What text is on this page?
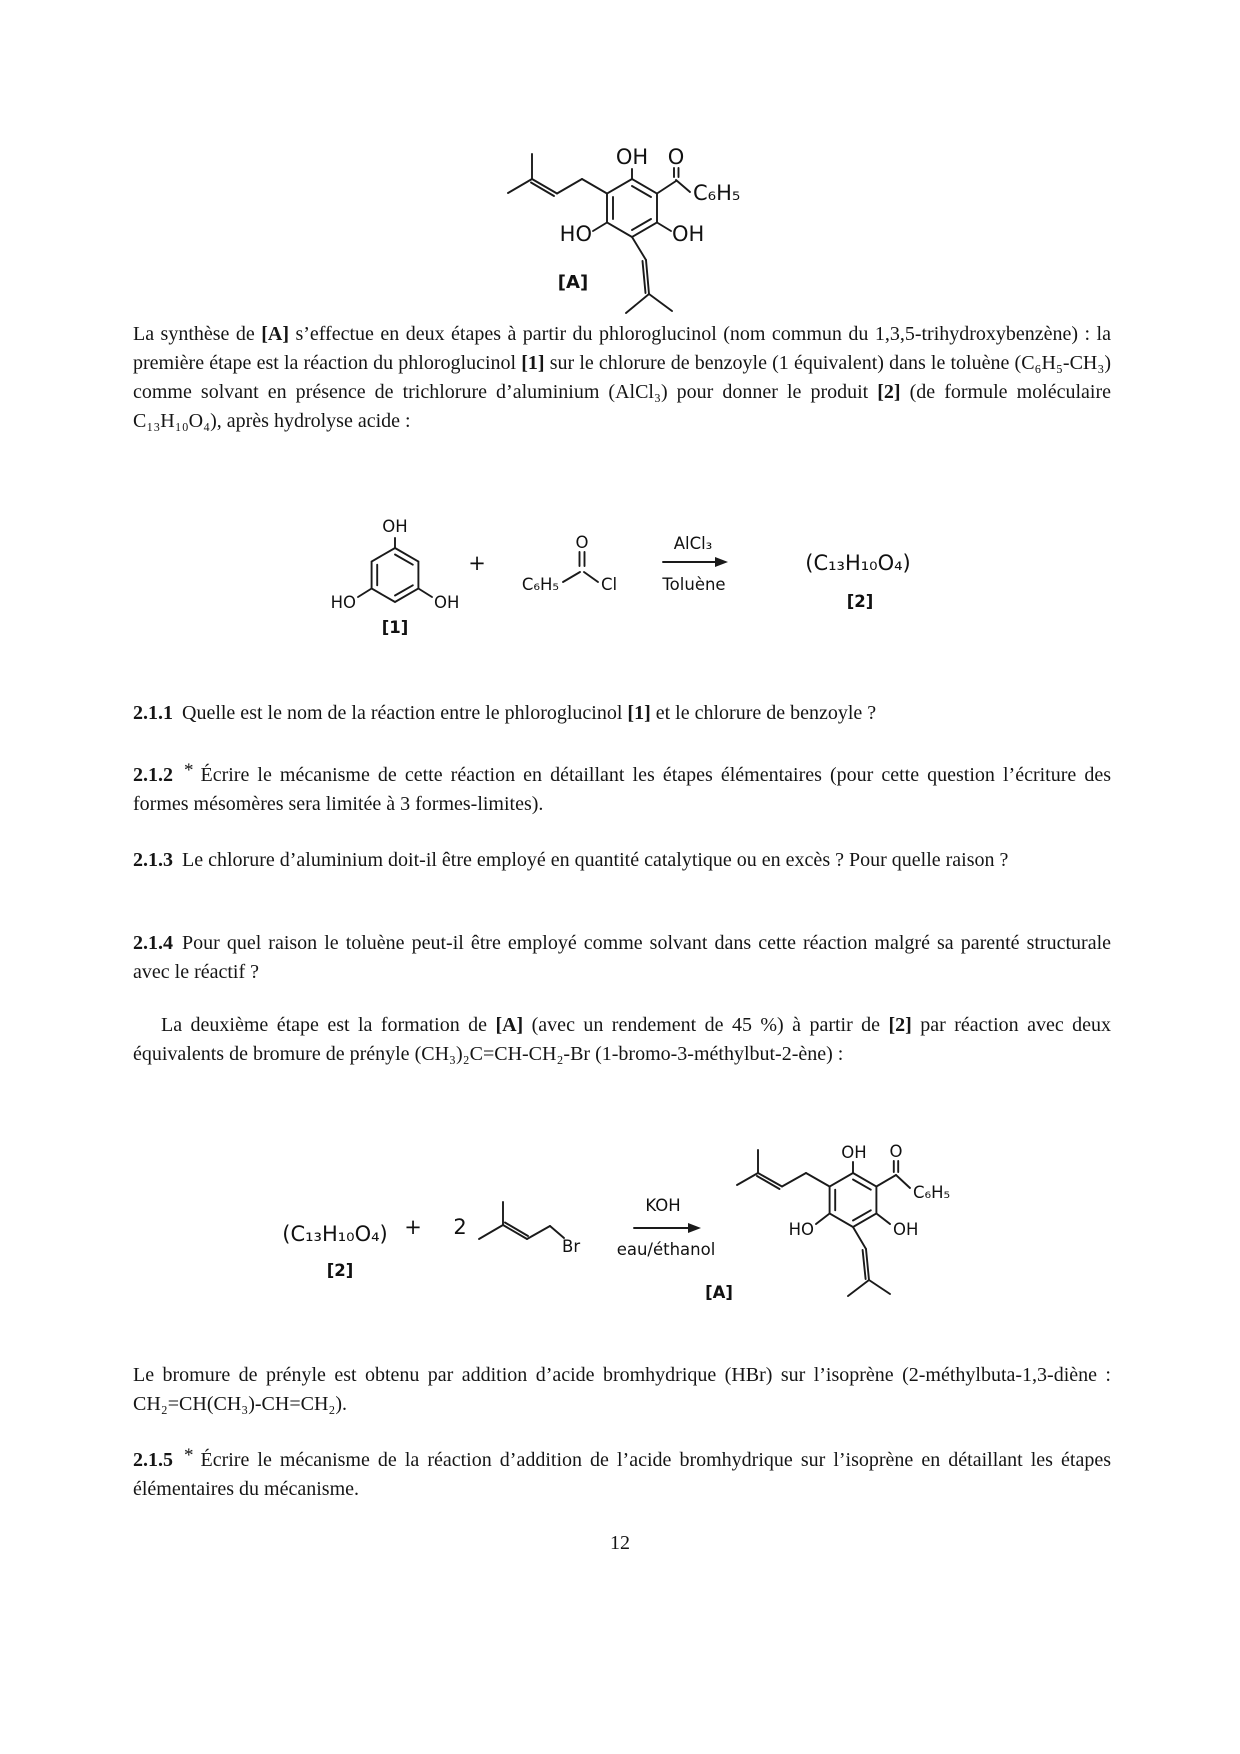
OH O
C₆H₅
HO	OH
[A]

La synthèse de [A] s’effectue en deux étapes à partir du phloroglucinol (nom commun du 1,3,5-trihydroxybenzène) : la première étape est la réaction du phloroglucinol [1] sur le chlorure de benzoyle (1 équivalent) dans le toluène (C₆H₅-CH₃) comme solvant en présence de trichlorure d’aluminium (AlCl₃) pour donner le produit [2] (de formule moléculaire C₁₃H₁₀O₄), après hydrolyse acide :

OH
HO	OH
[1]
+
C₆H₅
O
Cl
AlCl₃
Toluène
(C₁₃H₁₀O₄)
[2]

2.1.1 Quelle est le nom de la réaction entre le phloroglucinol [1] et le chlorure de benzoyle ?

2.1.2 * Écrire le mécanisme de cette réaction en détaillant les étapes élémentaires (pour cette question l’écriture des formes mésomères sera limitée à 3 formes-limites).

2.1.3 Le chlorure d’aluminium doit-il être employé en quantité catalytique ou en excès ? Pour quelle raison ?

2.1.4 Pour quel raison le toluène peut-il être employé comme solvant dans cette réaction malgré sa parenté structurale avec le réactif ?

La deuxième étape est la formation de [A] (avec un rendement de 45 %) à partir de [2] par réaction avec deux équivalents de bromure de prényle (CH₃)₂C=CH-CH₂-Br (1-bromo-3-méthylbut-2-ène) :

(C₁₃H₁₀O₄)
[2]
+ 2
Br
KOH
eau/éthanol
OH O
C₆H₅
HO	OH
[A]

Le bromure de prényle est obtenu par addition d’acide bromhydrique (HBr) sur l’isoprène (2-méthylbuta-1,3-diène : CH₂=CH(CH₃)-CH=CH₂).

2.1.5 * Écrire le mécanisme de la réaction d’addition de l’acide bromhydrique sur l’isoprène en détaillant les étapes élémentaires du mécanisme.

12
